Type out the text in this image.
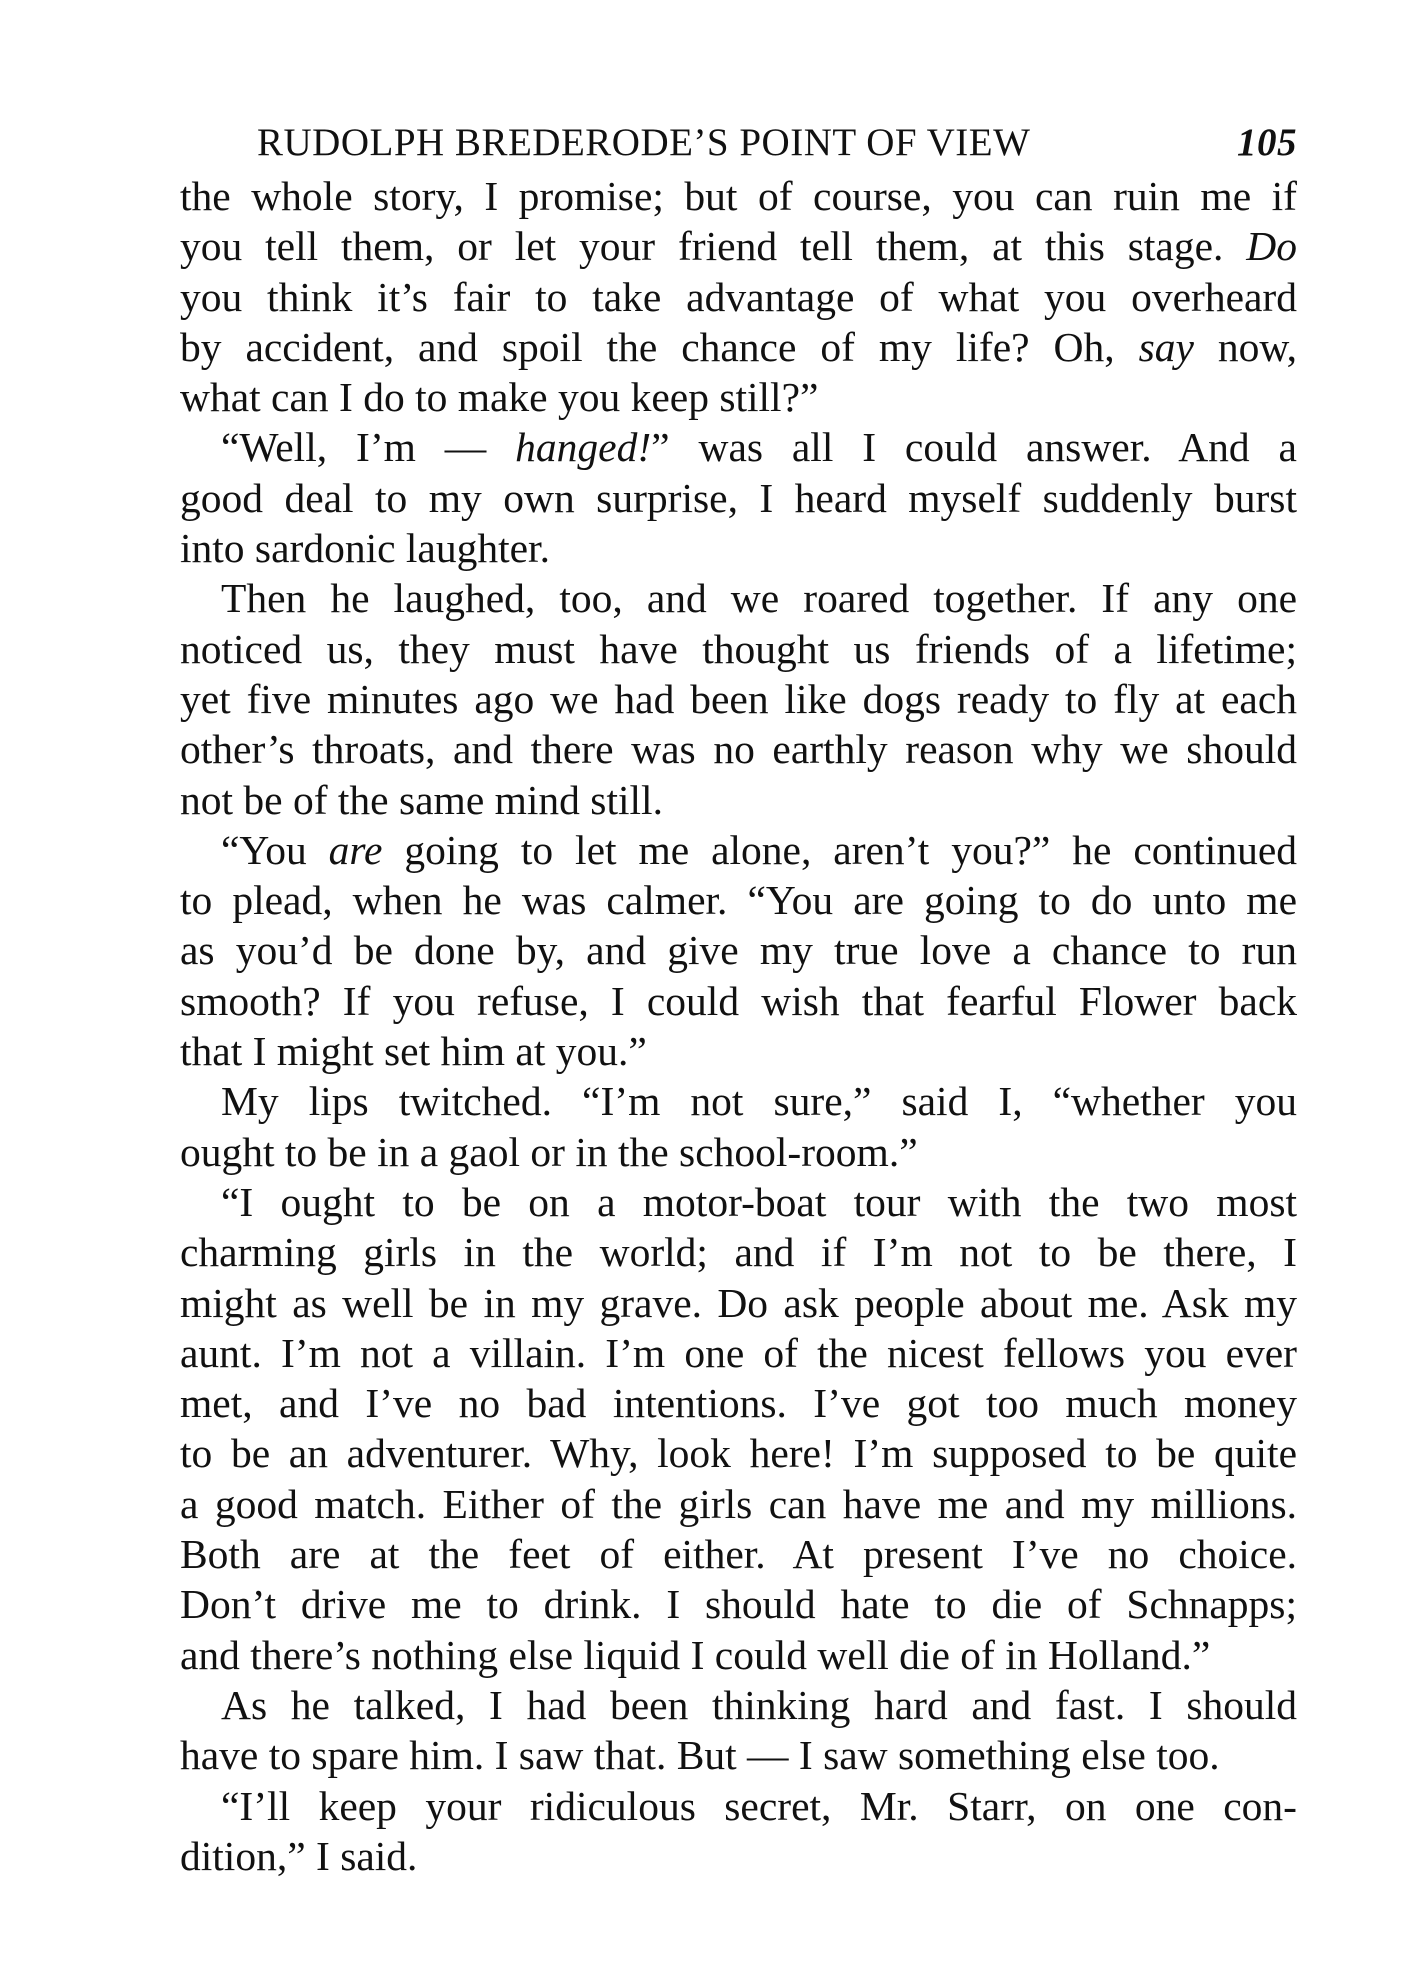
RUDOLPH BREDERODE’S POINT OF VIEW	105
the whole story, I promise; but of course, you can ruin me if
you tell them, or let your friend tell them, at this stage. Do
you think it’s fair to take advantage of what you overheard
by accident, and spoil the chance of my life? Oh, say now,
what can I do to make you keep still?”
“Well, I’m — hanged!” was all I could answer. And a
good deal to my own surprise, I heard myself suddenly burst
into sardonic laughter.
Then he laughed, too, and we roared together. If any one
noticed us, they must have thought us friends of a lifetime;
yet five minutes ago we had been like dogs ready to fly at each
other’s throats, and there was no earthly reason why we should
not be of the same mind still.
“You are going to let me alone, aren’t you?” he continued
to plead, when he was calmer. “You are going to do unto me
as you’d be done by, and give my true love a chance to run
smooth? If you refuse, I could wish that fearful Flower back
that I might set him at you.”
My lips twitched. “I’m not sure,” said I, “whether you
ought to be in a gaol or in the school-room.”
“I ought to be on a motor-boat tour with the two most
charming girls in the world; and if I’m not to be there, I
might as well be in my grave. Do ask people about me. Ask my
aunt. I’m not a villain. I’m one of the nicest fellows you ever
met, and I’ve no bad intentions. I’ve got too much money
to be an adventurer. Why, look here! I’m supposed to be quite
a good match. Either of the girls can have me and my millions.
Both are at the feet of either. At present I’ve no choice.
Don’t drive me to drink. I should hate to die of Schnapps;
and there’s nothing else liquid I could well die of in Holland.”
As he talked, I had been thinking hard and fast. I should
have to spare him. I saw that. But — I saw something else too.
“I’ll keep your ridiculous secret, Mr. Starr, on one con-
dition,” I said.
